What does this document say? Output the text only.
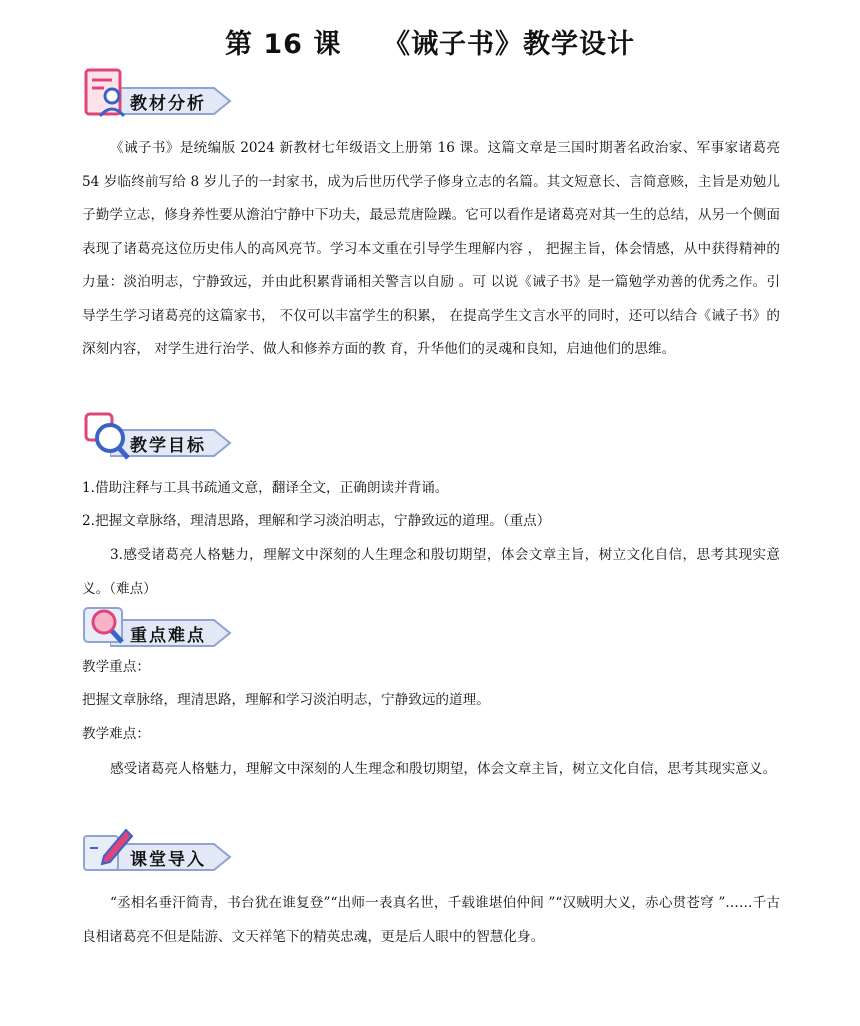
第 16 课    《诫子书》教学设计
教材分析
《诫子书》是统编版 2024 新教材七年级语文上册第 16 课。这篇文章是三国时期著名政治家、军事家诸葛亮 54 岁临终前写给 8 岁儿子的一封家书，成为后世历代学子修身立志的名篇。其文短意长、言简意赅，主旨是劝勉儿子勤学立志，修身养性要从澹泊宁静中下功夫，最忌荒唐险躁。它可以看作是诸葛亮对其一生的总结，从另一个侧面表现了诸葛亮这位历史伟人的高风亮节。学习本文重在引导学生理解内容 ， 把握主旨，体会情感，从中获得精神的力量：淡泊明志，宁静致远，并由此积累背诵相关警言以自励 。可 以说《诫子书》是一篇勉学劝善的优秀之作。引导学生学习诸葛亮的这篇家书， 不仅可以丰富学生的积累， 在提高学生文言水平的同时，还可以结合《诫子书》的深刻内容， 对学生进行治学、做人和修养方面的教 育，升华他们的灵魂和良知，启迪他们的思维。
教学目标
1.借助注释与工具书疏通文意，翻译全文，正确朗读并背诵。
2.把握文章脉络，理清思路，理解和学习淡泊明志，宁静致远的道理。（重点）
3.感受诸葛亮人格魅力，理解文中深刻的人生理念和殷切期望，体会文章主旨，树立文化自信，思考其现实意义。（难点）
重点难点
教学重点：
把握文章脉络，理清思路，理解和学习淡泊明志，宁静致远的道理。
教学难点：
感受诸葛亮人格魅力，理解文中深刻的人生理念和殷切期望，体会文章主旨，树立文化自信，思考其现实意义。
课堂导入
“丞相名垂汗简青，书台犹在谁复登”“出师一表真名世，千载谁堪伯仲间 ”“汉贼明大义，赤心贯苍穹 ”……千古良相诸葛亮不但是陆游、文天祥笔下的精英忠魂，更是后人眼中的智慧化身。
